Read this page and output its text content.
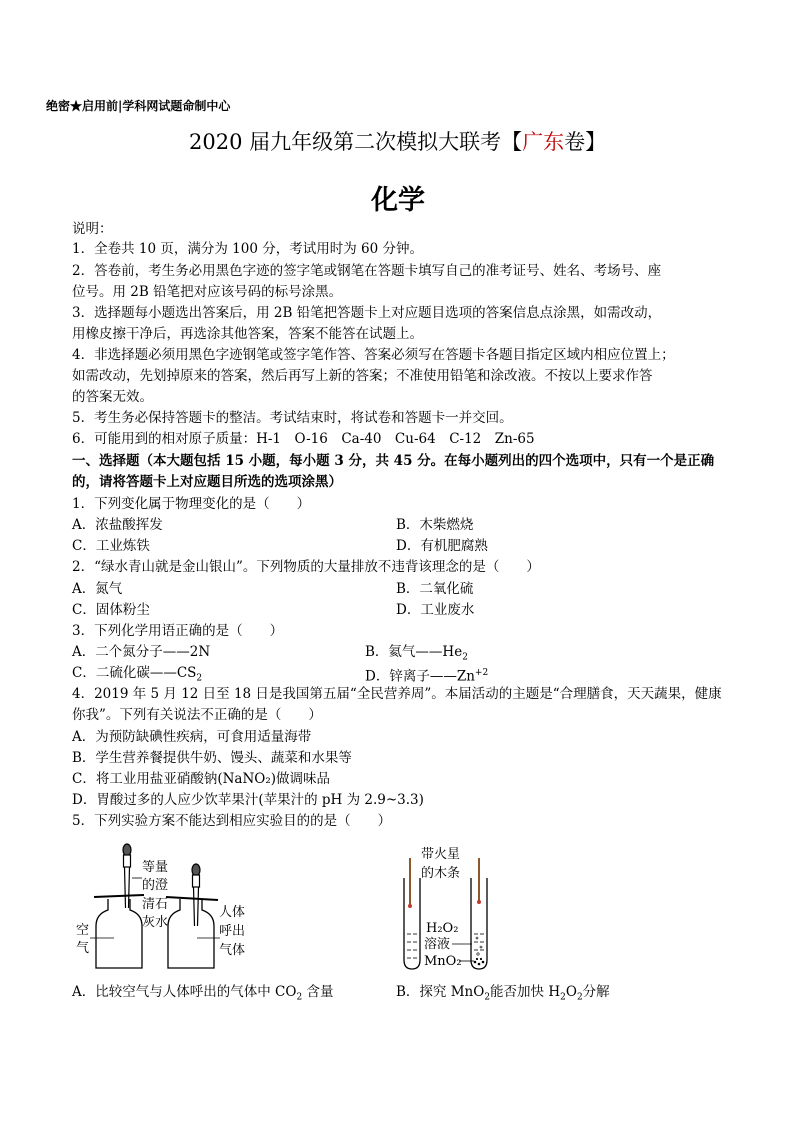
绝密★启用前|学科网试题命制中心
2020 届九年级第二次模拟大联考【广东卷】
化学
说明：
1．全卷共 10 页，满分为 100 分，考试用时为 60 分钟。
2．答卷前，考生务必用黑色字迹的签字笔或钢笔在答题卡填写自己的准考证号、姓名、考场号、座
位号。用 2B 铅笔把对应该号码的标号涂黑。
3．选择题每小题选出答案后，用 2B 铅笔把答题卡上对应题目选项的答案信息点涂黑，如需改动，
用橡皮擦干净后，再选涂其他答案，答案不能答在试题上。
4．非选择题必须用黑色字迹钢笔或签字笔作答、答案必须写在答题卡各题目指定区域内相应位置上；
如需改动，先划掉原来的答案，然后再写上新的答案；不准使用铅笔和涂改液。不按以上要求作答
的答案无效。
5．考生务必保持答题卡的整洁。考试结束时，将试卷和答题卡一并交回。
6．可能用到的相对原子质量：H-1　O-16　Ca-40　Cu-64　C-12　Zn-65
一、选择题（本大题包括 15 小题，每小题 3 分，共 45 分。在每小题列出的四个选项中，只有一个是正确
的，请将答题卡上对应题目所选的选项涂黑）
1．下列变化属于物理变化的是（　　）
A．浓盐酸挥发	B．木柴燃烧
C．工业炼铁	D．有机肥腐熟
2．“绿水青山就是金山银山”。下列物质的大量排放不违背该理念的是（　　）
A．氮气	B．二氧化硫
C．固体粉尘	D．工业废水
3．下列化学用语正确的是（　　）
A．二个氮分子——2N	B．氦气$——He_2$
C．二硫化碳$——CS_2$	D．锌离子$——Zn^{+2}$
4．2019 年 5 月 12 日至 18 日是我国第五届“全民营养周”。本届活动的主题是“合理膳食，天天蔬果，健康
你我”。下列有关说法不正确的是（　　）
A．为预防缺碘性疾病，可食用适量海带
B．学生营养餐提供牛奶、馒头、蔬菜和水果等
C．将工业用盐亚硝酸钠(NaNO₂)做调味品
D．胃酸过多的人应少饮苹果汁(苹果汁的 pH 为 2.9~3.3)
5．下列实验方案不能达到相应实验目的的是（　　）
等量
的澄
清石
灰水
空
气
人体
呼出
气体
带火星
的木条
H₂O₂
溶液
MnO₂
A．比较空气与人体呼出的气体中 $CO_2$ 含量	B．探究 MnO$_2$能否加快 $H_2O_2$分解
